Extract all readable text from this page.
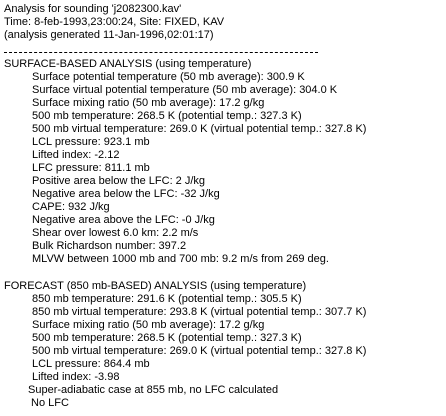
Analysis for sounding 'j2082300.kav'
Time: 8-feb-1993,23:00:24, Site: FIXED, KAV
(analysis generated 11-Jan-1996,02:01:17)
SURFACE-BASED ANALYSIS (using temperature)
Surface potential temperature (50 mb average): 300.9 K
Surface virtual potential temperature (50 mb average): 304.0 K
Surface mixing ratio (50 mb average): 17.2 g/kg
500 mb temperature: 268.5 K (potential temp.: 327.3 K)
500 mb virtual temperature: 269.0 K (virtual potential temp.: 327.8 K)
LCL pressure: 923.1 mb
Lifted index: -2.12
LFC pressure: 811.1 mb
Positive area below the LFC: 2 J/kg
Negative area below the LFC: -32 J/kg
CAPE: 932 J/kg
Negative area above the LFC: -0 J/kg
Shear over lowest 6.0 km: 2.2 m/s
Bulk Richardson number: 397.2
MLVW between 1000 mb and 700 mb: 9.2 m/s from 269 deg.
FORECAST (850 mb-BASED) ANALYSIS (using temperature)
850 mb temperature: 291.6 K (potential temp.: 305.5 K)
850 mb virtual temperature: 293.8 K (virtual potential temp.: 307.7 K)
Surface mixing ratio (50 mb average): 17.2 g/kg
500 mb temperature: 268.5 K (potential temp.: 327.3 K)
500 mb virtual temperature: 269.0 K (virtual potential temp.: 327.8 K)
LCL pressure: 864.4 mb
Lifted index: -3.98
Super-adiabatic case at 855 mb, no LFC calculated
No LFC
